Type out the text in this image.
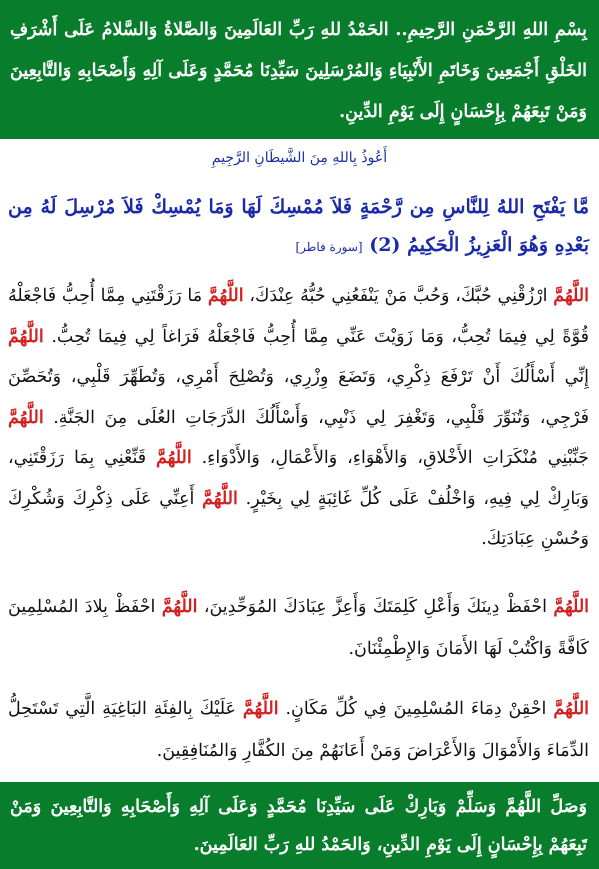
بِسْمِ اللهِ الرَّحْمَنِ الرَّحِيمِ.. الحَمْدُ للهِ رَبِّ العَالَمِينَ وَالصَّلاةُ وَالسَّلامُ عَلَى أَشْرَفِ الخَلْقِ أَجْمَعِينَ وَخَاتَمِ الأَنْبِيَاءِ وَالمُرْسَلِينَ سَيِّدِنَا مُحَمَّدٍ وَعَلَى آلِهِ وَأَصْحَابِهِ وَالتَّابِعِينَ وَمَنْ تَبِعَهُمْ بِإِحْسَانٍ إِلَى يَوْمِ الدِّينِ.
أَعُوذُ بِاللهِ مِنَ الشَّيطَانِ الرَّجِيمِ
مَّا يَفْتَحِ اللهُ لِلنَّاسِ مِن رَّحْمَةٍ فَلاَ مُمْسِكَ لَهَا وَمَا يُمْسِكْ فَلاَ مُرْسِلَ لَهُ مِن بَعْدِهِ وَهُوَ الْعَزِيزُ الْحَكِيمُ (2) [سورة فاطر]
اللَّهُمَّ ارْزُقْنِي حُبَّكَ، وَحُبَّ مَنْ يَنْفَعُنِي حُبُّهُ عِنْدَكَ، اللَّهُمَّ مَا رَزَقْتَنِي مِمَّا أُحِبُّ فَاجْعَلْهُ قُوَّةً لِي فِيمَا تُحِبُّ، وَمَا زَوَيْتَ عَنِّي مِمَّا أُحِبُّ فَاجْعَلْهُ فَرَاغاً لِي فِيمَا تُحِبُّ. اللَّهُمَّ إِنِّي أَسْأَلُكَ أَنْ تَرْفَعَ ذِكْرِي، وَتَضَعَ وِزْرِي، وَتُصْلِحَ أَمْرِي، وَتُطَهِّرَ قَلْبِي، وَتُحَصِّنَ فَرْجِي، وَتُنَوِّرَ قَلْبِي، وَتَغْفِرَ لِي ذَنْبِي، وَأَسْأَلُكَ الدَّرَجَاتِ العُلَى مِنَ الجَنَّةِ. اللَّهُمَّ جَنِّبْنِي مُنْكَرَاتِ الأَخْلاقِ، وَالأَهْوَاءِ، وَالأَعْمَالِ، وَالأَدْوَاءِ. اللَّهُمَّ قَنِّعْنِي بِمَا رَزَقْتَنِي، وَبَارِكْ لِي فِيهِ، وَاخْلُفْ عَلَى كُلِّ غَائِبَةٍ لِي بِخَيْرٍ. اللَّهُمَّ أَعِنِّي عَلَى ذِكْرِكَ وَشُكْرِكَ وَحُسْنِ عِبَادَتِكَ.
اللَّهُمَّ احْفَظْ دِينَكَ وَأَعْلِ كَلِمَتَكَ وَأَعِزَّ عِبَادَكَ المُوَحِّدِينَ، اللَّهُمَّ احْفَظْ بِلادَ المُسْلِمِينَ كَافَّةً وَاكْتُبْ لَهَا الأَمَانَ وَالإِطْمِئْنَانَ.
اللَّهُمَّ احْقِنْ دِمَاءَ المُسْلِمِينَ فِي كُلِّ مَكَانٍ. اللَّهُمَّ عَلَيْكَ بِالفِئَةِ البَاغِيَةِ الَّتِي تَسْتَحِلُّ الدِّمَاءَ وَالأَمْوَالَ وَالأَعْرَاضَ وَمَنْ أَعَانَهُمْ مِنَ الكُفَّارِ وَالمُنَافِقِينَ.
وَصَلِّ اللَّهُمَّ وَسَلِّمْ وَبَارِكْ عَلَى سَيِّدِنَا مُحَمَّدٍ وَعَلَى آلِهِ وَأَصْحَابِهِ وَالتَّابِعِينَ وَمَنْ تَبِعَهُمْ بِإِحْسَانٍ إِلَى يَوْمِ الدِّينِ، وَالحَمْدُ للهِ رَبِّ العَالَمِينَ.
